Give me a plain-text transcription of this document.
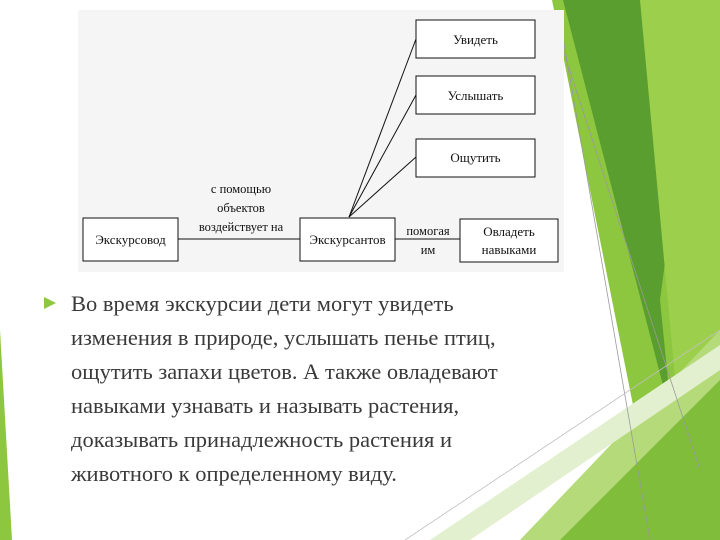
Экскурсовод	Экскурсантов
Овладеть
навыками
Увидеть
Услышать
Ощутить
с помощью
объектов
воздействует на	помогая
им
Во время экскурсии дети могут увидеть
изменения в природе, услышать пенье птиц,
ощутить запахи цветов. А также овладевают
навыками узнавать и называть растения,
доказывать принадлежность растения и
животного к определенному виду.
